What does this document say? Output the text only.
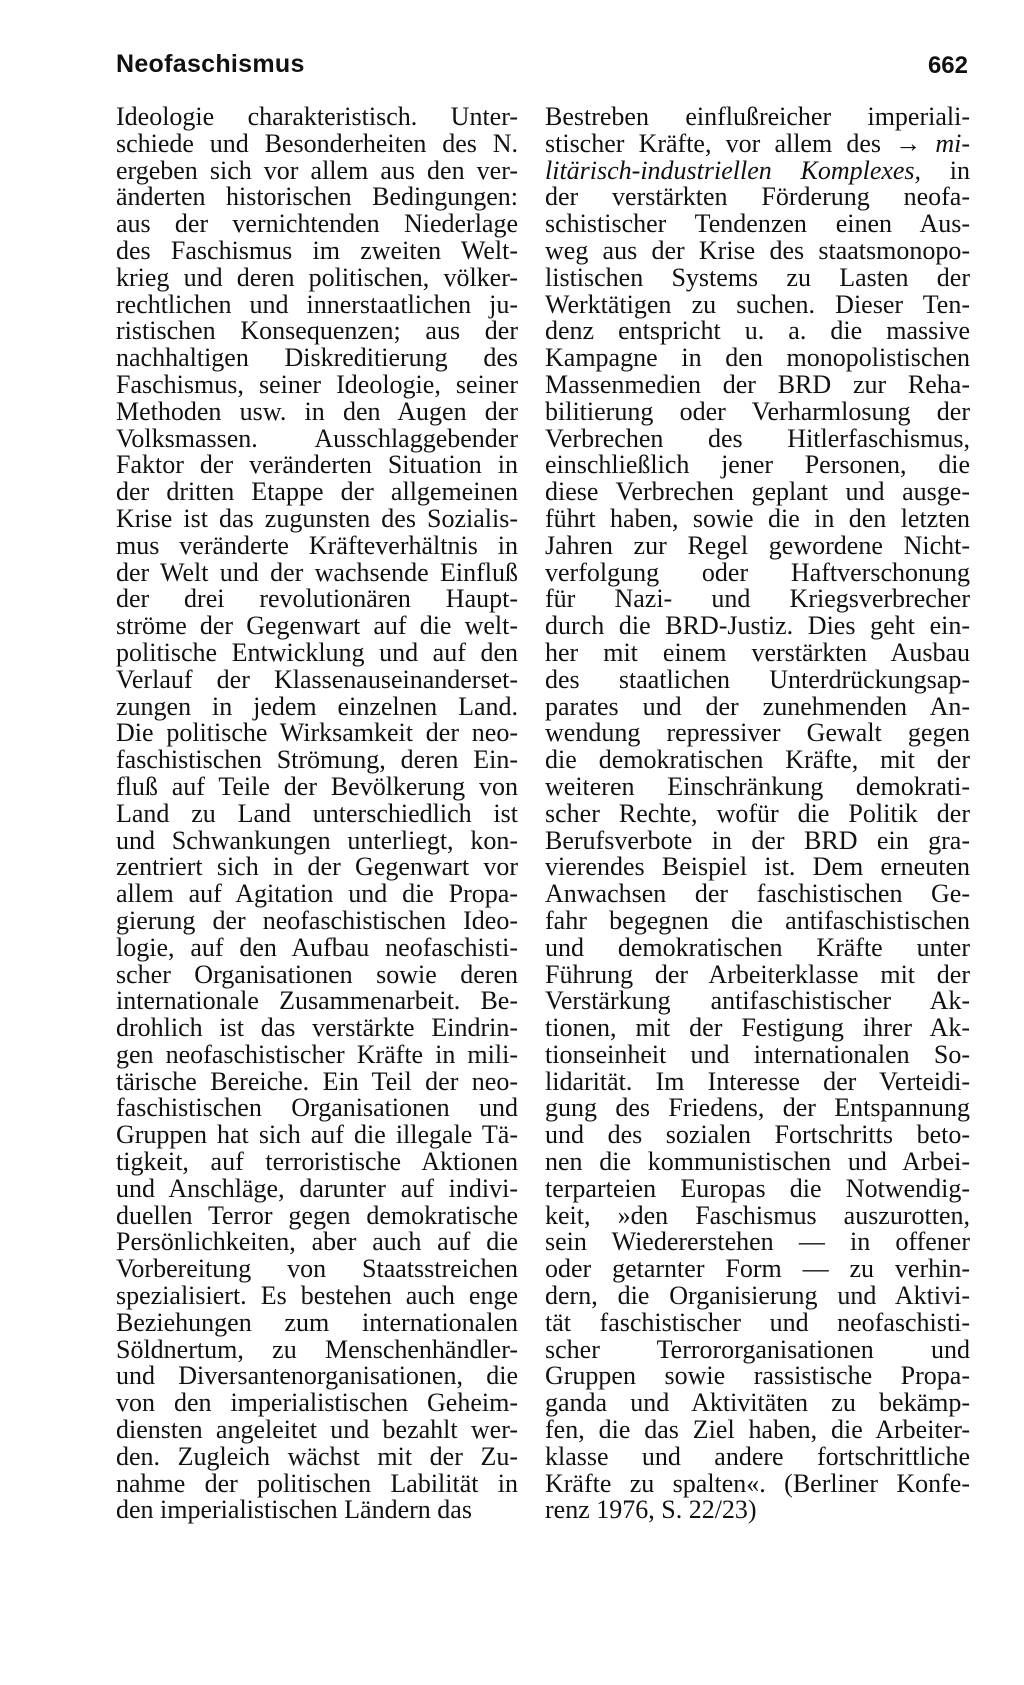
Neofaschismus	662
Ideologie charakteristisch. Unter-
schiede und Besonderheiten des N.
ergeben sich vor allem aus den ver-
änderten historischen Bedingungen:
aus der vernichtenden Niederlage
des Faschismus im zweiten Welt-
krieg und deren politischen, völker-
rechtlichen und innerstaatlichen ju-
ristischen Konsequenzen; aus der
nachhaltigen Diskreditierung des
Faschismus, seiner Ideologie, seiner
Methoden usw. in den Augen der
Volksmassen. Ausschlaggebender
Faktor der veränderten Situation in
der dritten Etappe der allgemeinen
Krise ist das zugunsten des Sozialis-
mus veränderte Kräfteverhältnis in
der Welt und der wachsende Einfluß
der drei revolutionären Haupt-
ströme der Gegenwart auf die welt-
politische Entwicklung und auf den
Verlauf der Klassenauseinanderset-
zungen in jedem einzelnen Land.
Die politische Wirksamkeit der neo-
faschistischen Strömung, deren Ein-
fluß auf Teile der Bevölkerung von
Land zu Land unterschiedlich ist
und Schwankungen unterliegt, kon-
zentriert sich in der Gegenwart vor
allem auf Agitation und die Propa-
gierung der neofaschistischen Ideo-
logie, auf den Aufbau neofaschisti-
scher Organisationen sowie deren
internationale Zusammenarbeit. Be-
drohlich ist das verstärkte Eindrin-
gen neofaschistischer Kräfte in mili-
tärische Bereiche. Ein Teil der neo-
faschistischen Organisationen und
Gruppen hat sich auf die illegale Tä-
tigkeit, auf terroristische Aktionen
und Anschläge, darunter auf indivi-
duellen Terror gegen demokratische
Persönlichkeiten, aber auch auf die
Vorbereitung von Staatsstreichen
spezialisiert. Es bestehen auch enge
Beziehungen zum internationalen
Söldnertum, zu Menschenhändler-
und Diversantenorganisationen, die
von den imperialistischen Geheim-
diensten angeleitet und bezahlt wer-
den. Zugleich wächst mit der Zu-
nahme der politischen Labilität in
den imperialistischen Ländern das
Bestreben einflußreicher imperiali-
stischer Kräfte, vor allem des → mi-
litärisch-industriellen Komplexes, in
der verstärkten Förderung neofa-
schistischer Tendenzen einen Aus-
weg aus der Krise des staatsmonopo-
listischen Systems zu Lasten der
Werktätigen zu suchen. Dieser Ten-
denz entspricht u. a. die massive
Kampagne in den monopolistischen
Massenmedien der BRD zur Reha-
bilitierung oder Verharmlosung der
Verbrechen des Hitlerfaschismus,
einschließlich jener Personen, die
diese Verbrechen geplant und ausge-
führt haben, sowie die in den letzten
Jahren zur Regel gewordene Nicht-
verfolgung oder Haftverschonung
für Nazi- und Kriegsverbrecher
durch die BRD-Justiz. Dies geht ein-
her mit einem verstärkten Ausbau
des staatlichen Unterdrückungsap-
parates und der zunehmenden An-
wendung repressiver Gewalt gegen
die demokratischen Kräfte, mit der
weiteren Einschränkung demokrati-
scher Rechte, wofür die Politik der
Berufsverbote in der BRD ein gra-
vierendes Beispiel ist. Dem erneuten
Anwachsen der faschistischen Ge-
fahr begegnen die antifaschistischen
und demokratischen Kräfte unter
Führung der Arbeiterklasse mit der
Verstärkung antifaschistischer Ak-
tionen, mit der Festigung ihrer Ak-
tionseinheit und internationalen So-
lidarität. Im Interesse der Verteidi-
gung des Friedens, der Entspannung
und des sozialen Fortschritts beto-
nen die kommunistischen und Arbei-
terparteien Europas die Notwendig-
keit, »den Faschismus auszurotten,
sein Wiedererstehen — in offener
oder getarnter Form — zu verhin-
dern, die Organisierung und Aktivi-
tät faschistischer und neofaschisti-
scher Terrororganisationen und
Gruppen sowie rassistische Propa-
ganda und Aktivitäten zu bekämp-
fen, die das Ziel haben, die Arbeiter-
klasse und andere fortschrittliche
Kräfte zu spalten«. (Berliner Konfe-
renz 1976, S. 22/23)
